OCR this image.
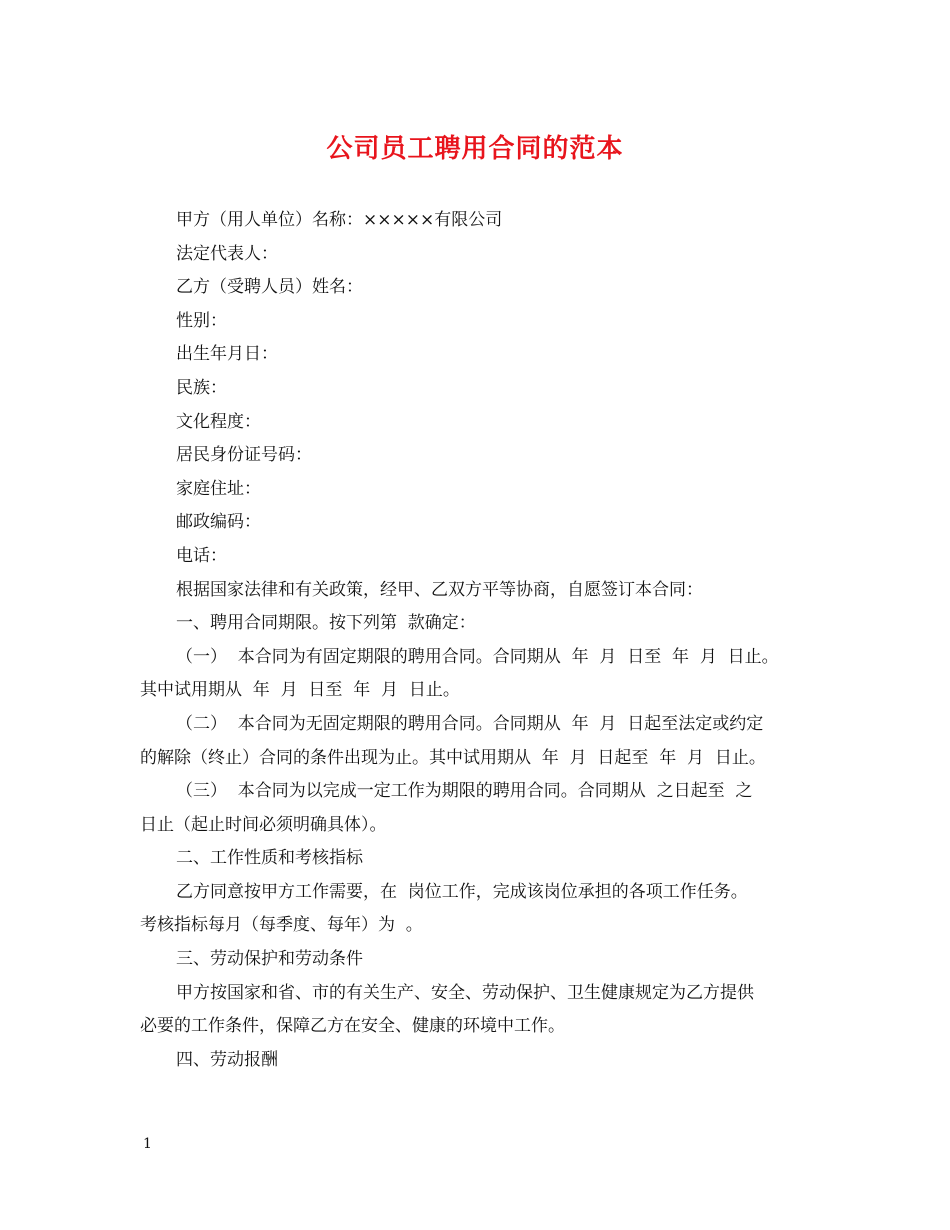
公司员工聘用合同的范本
甲方（用人单位）名称：×××××有限公司
法定代表人：
乙方（受聘人员）姓名：
性别：
出生年月日：
民族：
文化程度：
居民身份证号码：
家庭住址：
邮政编码：
电话：
根据国家法律和有关政策，经甲、乙双方平等协商，自愿签订本合同：
一、聘用合同期限。按下列第  款确定：
（一）  本合同为有固定期限的聘用合同。合同期从  年  月  日至  年  月  日止。
其中试用期从  年  月  日至  年  月  日止。
（二）  本合同为无固定期限的聘用合同。合同期从  年  月  日起至法定或约定
的解除（终止）合同的条件出现为止。其中试用期从  年  月  日起至  年  月  日止。
（三）  本合同为以完成一定工作为期限的聘用合同。合同期从  之日起至  之
日止（起止时间必须明确具体）。
二、工作性质和考核指标
乙方同意按甲方工作需要，在  岗位工作，完成该岗位承担的各项工作任务。
考核指标每月（每季度、每年）为  。
三、劳动保护和劳动条件
甲方按国家和省、市的有关生产、安全、劳动保护、卫生健康规定为乙方提供
必要的工作条件，保障乙方在安全、健康的环境中工作。
四、劳动报酬
1
